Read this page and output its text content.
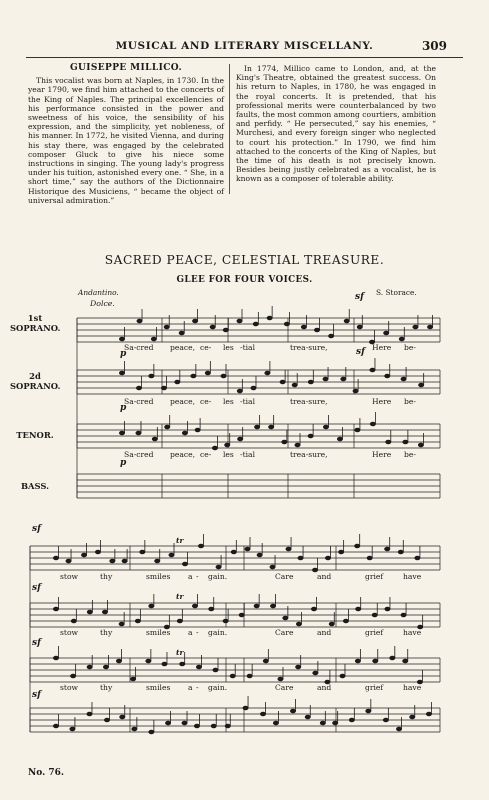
MUSICAL AND LITERARY MISCELLANY.	309

GUISEPPE MILLICO.

This vocalist was born at Naples, in 1730. In the year 1790, we find him attached to the concerts of the King of Naples. The principal excellencies of his performance consisted in the power and sweetness of his voice, the sensibility of his expression, and the simplicity, yet nobleness, of his manner. In 1772, he visited Vienna, and during his stay there, was engaged by the celebrated composer Gluck to give his niece some instructions in singing. The young lady's progress under his tuition, astonished every one. “ She, in a short time,” say the authors of the Dictionnaire Historique des Musiciens, “ became the object of universal admiration.”

In 1774, Millico came to London, and, at the King's Theatre, obtained the greatest success. On his return to Naples, in 1780, he was engaged in the royal concerts. It is pretended, that his professional merits were counterbalanced by two faults, the most common among courtiers, ambition and perfidy. “ He persecuted,” say his enemies, “ Murchesi, and every foreign singer who neglected to court his protection.” In 1790, we find him attached to the concerts of the King of Naples, but the time of his death is not precisely known. Besides being justly celebrated as a vocalist, he is known as a composer of tolerable ability.

SACRED PEACE, CELESTIAL TREASURE.
GLEE FOR FOUR VOICES.
Andantino.
Dolce.
S. Storace.
1st
SOPRANO.
2d
SOPRANO.
TENOR.
BASS.
p
p
p
sf
sf
sf
sf
sf
sf
tr
tr
tr
Sa-cred peace, ce- les -tial	trea-sure,	Here be-
Sa-cred peace, ce- les -tial	trea-sure,	Here be-
Sa-cred peace, ce- les -tial	trea-sure,	Here be-
stow	thy	smiles a - gain.	Care	and	grief	have
stow	thy	smiles a - gain.	Care	and	grief	have
stow	thy	smiles a - gain.	Care	and	grief	have
No. 76.
